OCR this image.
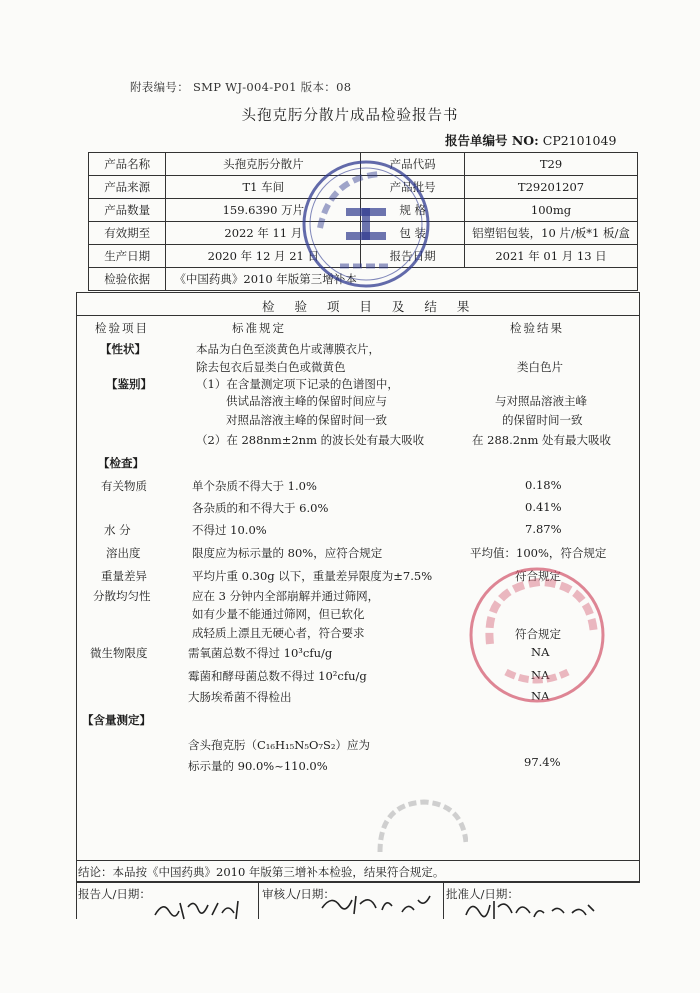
附表编号： SMP WJ-004-P01 版本：08
头孢克肟分散片成品检验报告书
报告单编号 NO: CP2101049
产品名称	头孢克肟分散片	产品代码	T29
产品来源	T1 车间	产品批号	T29201207
产品数量	159.6390 万片	规 格	100mg
有效期至	2022 年 11 月	包 装	铝塑铝包装，10 片/板*1 板/盒
生产日期	2020 年 12 月 21 日	报告日期	2021 年 01 月 13 日
检验依据	《中国药典》2010 年版第三增补本		
检 验 项 目 及 结 果
检验项目	标准规定	检验结果
【性状】	本品为白色至淡黄色片或薄膜衣片，
除去包衣后显类白色或微黄色	类白色片
【鉴别】	（1）在含量测定项下记录的色谱图中，
供试品溶液主峰的保留时间应与	与对照品溶液主峰
对照品溶液主峰的保留时间一致	的保留时间一致
（2）在 288nm±2nm 的波长处有最大吸收	在 288.2nm 处有最大吸收
【检查】
有关物质	单个杂质不得大于 1.0%	0.18%
各杂质的和不得大于 6.0%	0.41%
水 分	不得过 10.0%	7.87%
溶出度	限度应为标示量的 80%，应符合规定	平均值：100%，符合规定
重量差异	平均片重 0.30g 以下，重量差异限度为±7.5%	符合规定
分散均匀性	应在 3 分钟内全部崩解并通过筛网，
如有少量不能通过筛网，但已软化
成轻质上漂且无硬心者，符合要求	符合规定
微生物限度	需氧菌总数不得过 10³cfu/g	NA
霉菌和酵母菌总数不得过 10²cfu/g	NA
大肠埃希菌不得检出	NA
【含量测定】
含头孢克肟（C₁₆H₁₅N₅O₇S₂）应为
标示量的 90.0%~110.0%	97.4%
结论：本品按《中国药典》2010 年版第三增补本检验，结果符合规定。
报告人/日期：	审核人/日期：	批准人/日期：
